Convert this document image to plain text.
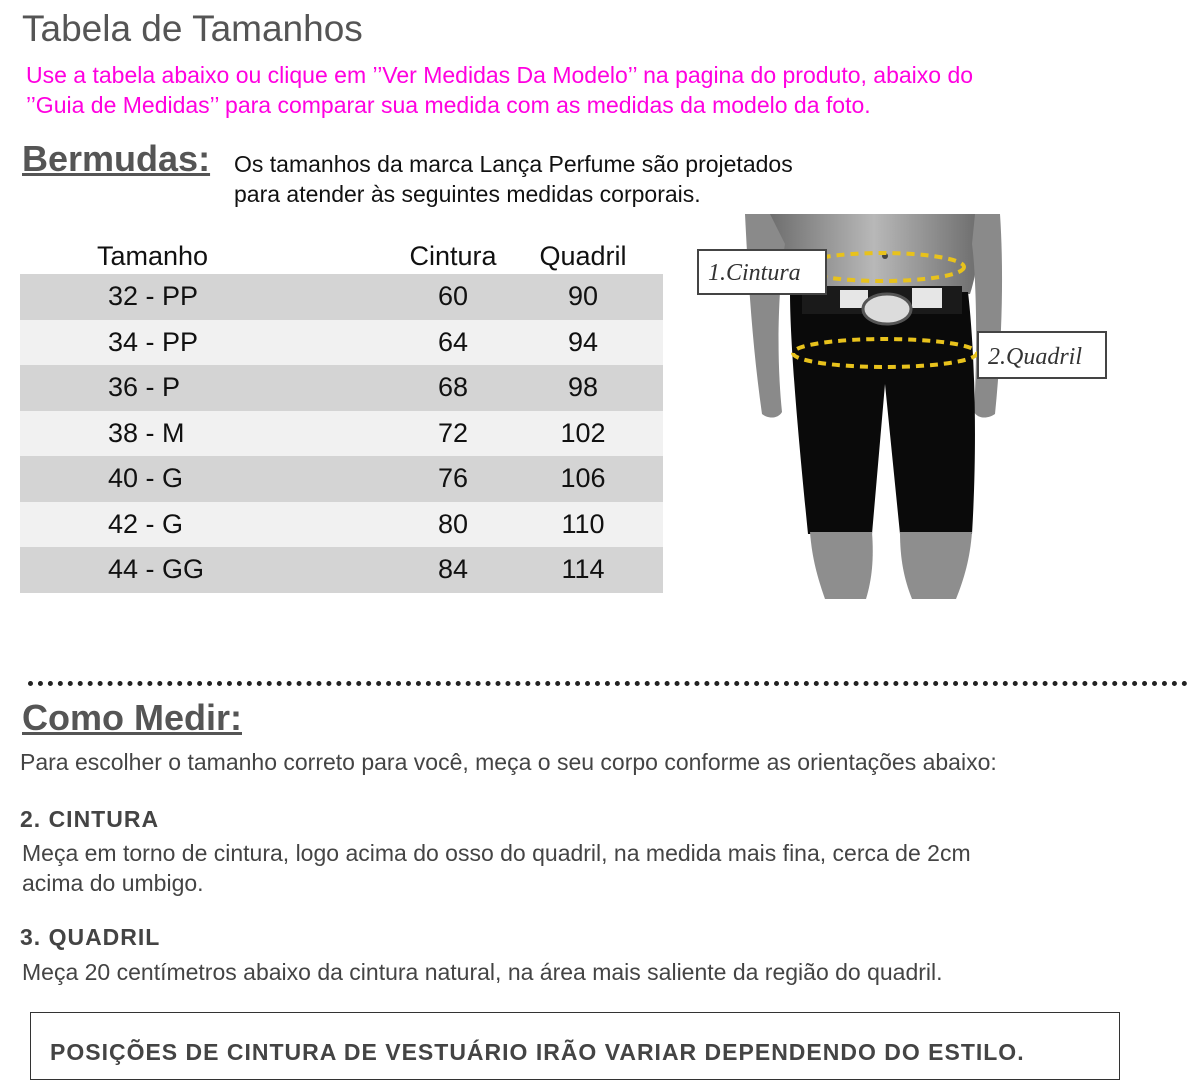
Tabela de Tamanhos
Use a tabela abaixo ou clique em ’’Ver Medidas Da Modelo’’ na pagina do produto, abaixo do
’’Guia de Medidas’’ para comparar sua medida com as medidas da modelo da foto.
Bermudas: Os tamanhos da marca Lança Perfume são projetados
para atender às seguintes medidas corporais.
Tamanho	Cintura	Quadril
32 - PP	60	90
34 - PP	64	94
36 - P	68	98
38 - M	72	102
40 - G	76	106
42 - G	80	110
44 - GG	84	114
1.Cintura
2.Quadril
Como Medir:
Para escolher o tamanho correto para você, meça o seu corpo conforme as orientações abaixo:
2. CINTURA
Meça em torno de cintura, logo acima do osso do quadril, na medida mais fina, cerca de 2cm
acima do umbigo.
3. QUADRIL
Meça 20 centímetros abaixo da cintura natural, na área mais saliente da região do quadril.
POSIÇÕES DE CINTURA DE VESTUÁRIO IRÃO VARIAR DEPENDENDO DO ESTILO.
